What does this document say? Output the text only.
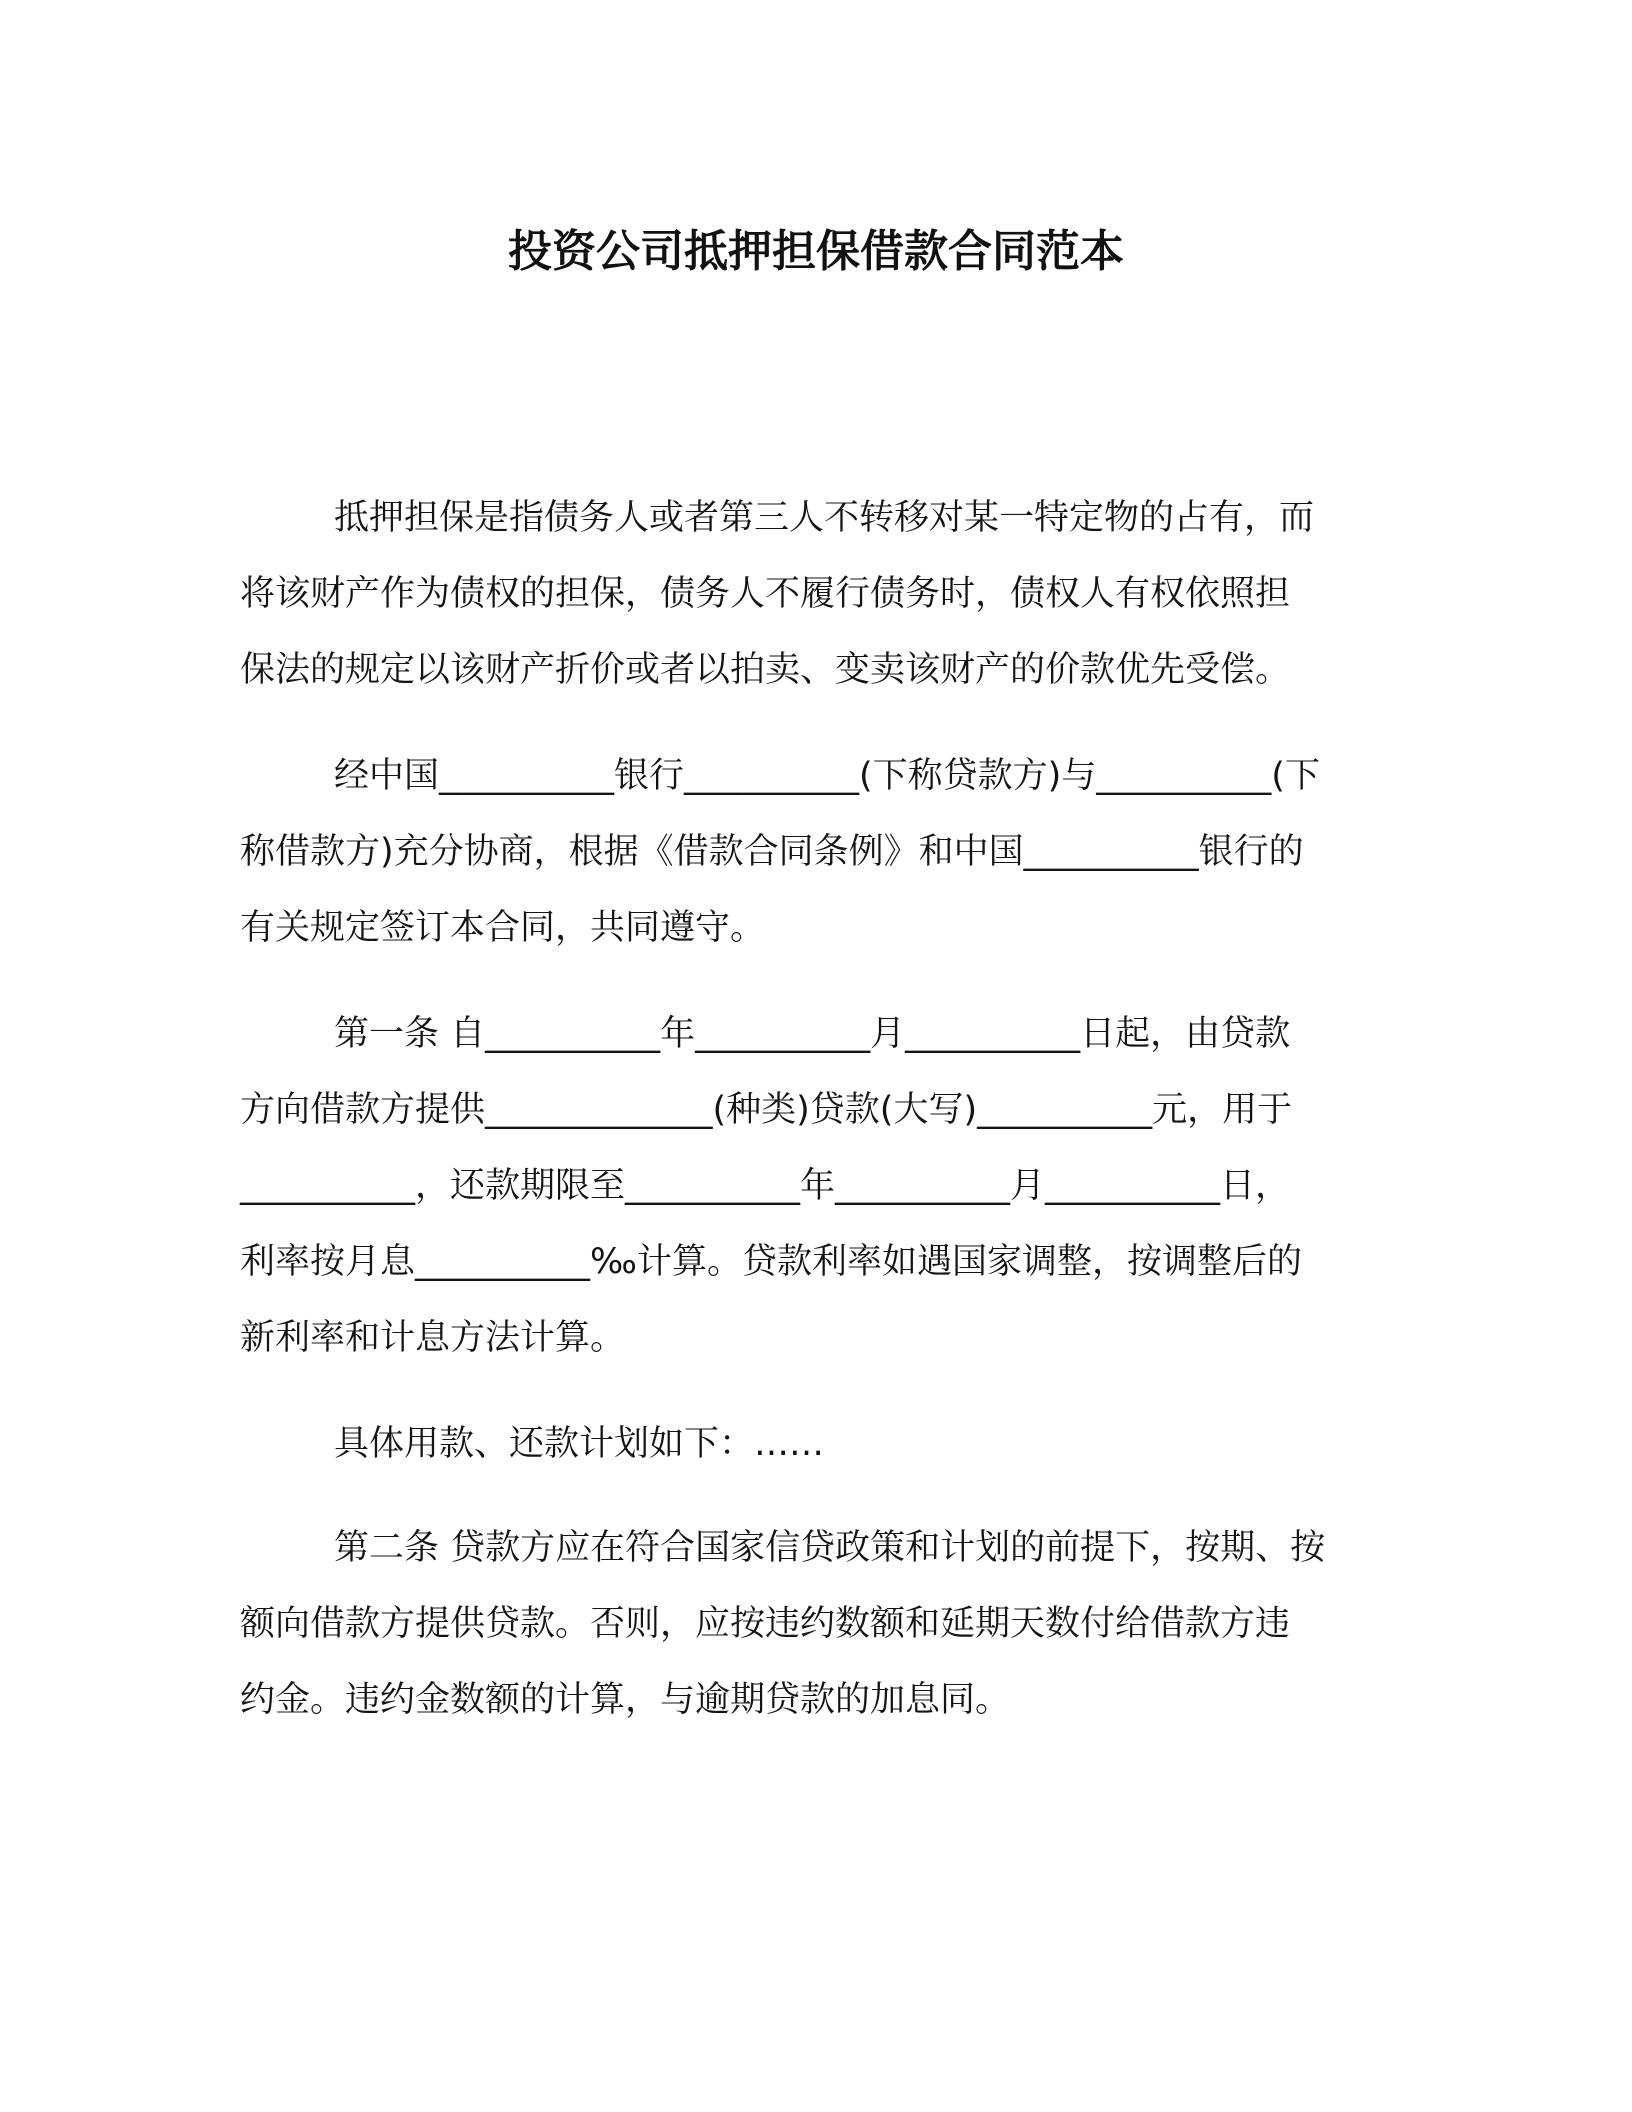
投资公司抵押担保借款合同范本
抵押担保是指债务人或者第三人不转移对某一特定物的占有，而
将该财产作为债权的担保，债务人不履行债务时，债权人有权依照担
保法的规定以该财产折价或者以拍卖、变卖该财产的价款优先受偿。
经中国__________银行__________(下称贷款方)与__________(下
称借款方)充分协商，根据《借款合同条例》和中国__________银行的
有关规定签订本合同，共同遵守。
第一条 自__________年__________月__________日起，由贷款
方向借款方提供_____________(种类)贷款(大写)__________元，用于
__________，还款期限至__________年__________月__________日，
利率按月息__________‰计算。贷款利率如遇国家调整，按调整后的
新利率和计息方法计算。
具体用款、还款计划如下：……
第二条 贷款方应在符合国家信贷政策和计划的前提下，按期、按
额向借款方提供贷款。否则，应按违约数额和延期天数付给借款方违
约金。违约金数额的计算，与逾期贷款的加息同。
